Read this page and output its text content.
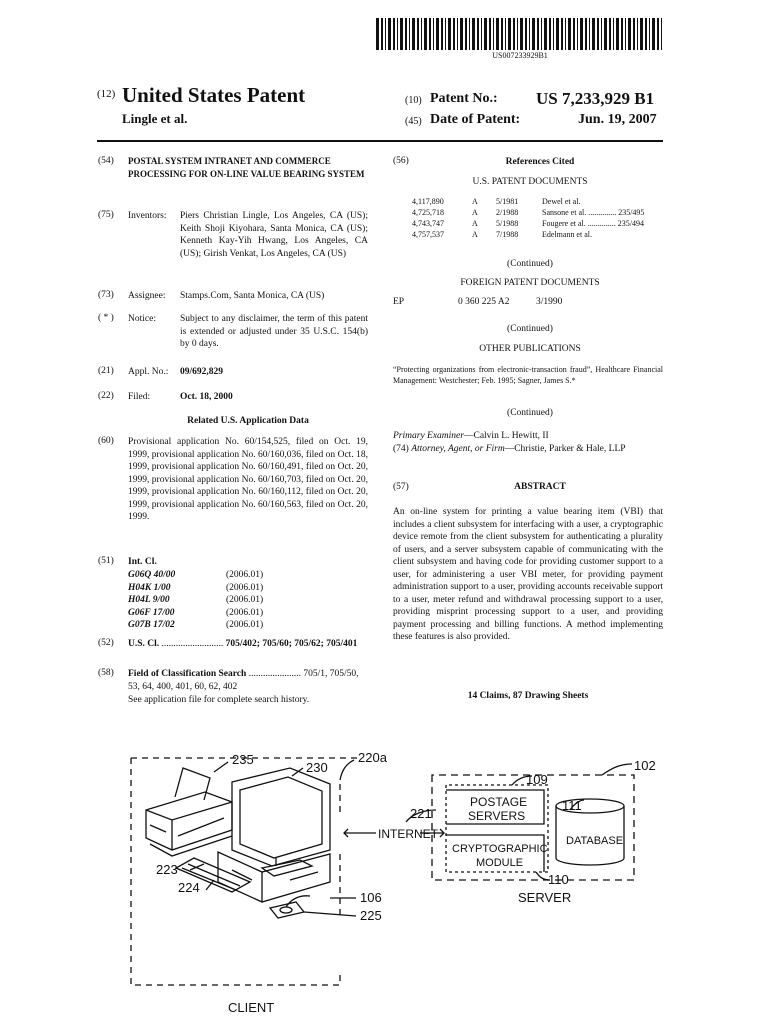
US007233929B1
(12) United States Patent
Lingle et al.
(10) Patent No.: US 7,233,929 B1
(45) Date of Patent:	Jun. 19, 2007
(54) POSTAL SYSTEM INTRANET AND COMMERCE PROCESSING FOR ON-LINE VALUE BEARING SYSTEM
(75) Inventors: Piers Christian Lingle, Los Angeles, CA (US); Keith Shoji Kiyohara, Santa Monica, CA (US); Kenneth Kay-Yih Hwang, Los Angeles, CA (US); Girish Venkat, Los Angeles, CA (US)
(73) Assignee: Stamps.Com, Santa Monica, CA (US)
( * ) Notice:	Subject to any disclaimer, the term of this patent is extended or adjusted under 35 U.S.C. 154(b) by 0 days.
(21) Appl. No.: 09/692,829
(22) Filed:	Oct. 18, 2000
Related U.S. Application Data
(60) Provisional application No. 60/154,525, filed on Oct. 19, 1999, provisional application No. 60/160,036, filed on Oct. 18, 1999, provisional application No. 60/160,491, filed on Oct. 20, 1999, provisional application No. 60/160,703, filed on Oct. 20, 1999, provisional application No. 60/160,112, filed on Oct. 20, 1999, provisional application No. 60/160,563, filed on Oct. 20, 1999.
(51) Int. Cl.
G06Q 40/00	(2006.01)
H04K 1/00	(2006.01)
H04L 9/00	(2006.01)
G06F 17/00	(2006.01)
G07B 17/02	(2006.01)
(52) U.S. Cl. .......................... 705/402; 705/60; 705/62; 705/401
(58) Field of Classification Search ...................... 705/1, 705/50, 53, 64, 400, 401, 60, 62, 402
See application file for complete search history.
(56)	References Cited
U.S. PATENT DOCUMENTS
4,117,890	A	5/1981	Dewel et al.
4,725,718	A	2/1988	Sansone et al. .............. 235/495
4,743,747	A	5/1988	Fougere et al. .............. 235/494
4,757,537	A	7/1988	Edelmann et al.
(Continued)
FOREIGN PATENT DOCUMENTS
EP	0 360 225 A2	3/1990
(Continued)
OTHER PUBLICATIONS
“Protecting organizations from electronic-transaction fraud”, Healthcare Financial Management: Westchester; Feb. 1995; Sagner, James S.*
(Continued)
Primary Examiner—Calvin L. Hewitt, II
(74) Attorney, Agent, or Firm—Christie, Parker & Hale, LLP
(57)	ABSTRACT
An on-line system for printing a value bearing item (VBI) that includes a client subsystem for interfacing with a user, a cryptographic device remote from the client subsystem for authenticating a plurality of users, and a server subsystem capable of communicating with the client subsystem and having code for providing customer support to a user, for administering a user VBI meter, for providing payment administration support to a user, providing accounts receivable support to a user, meter refund and withdrawal processing support to a user, providing misprint processing support to a user, and providing payment processing and billing functions. A method implementing these features is also provided.
14 Claims, 87 Drawing Sheets
235
230
220a
221
223
224
106
225
102
109
111
110
INTERNET
POSTAGE
SERVERS
CRYPTOGRAPHIC
MODULE
DATABASE
SERVER
CLIENT
